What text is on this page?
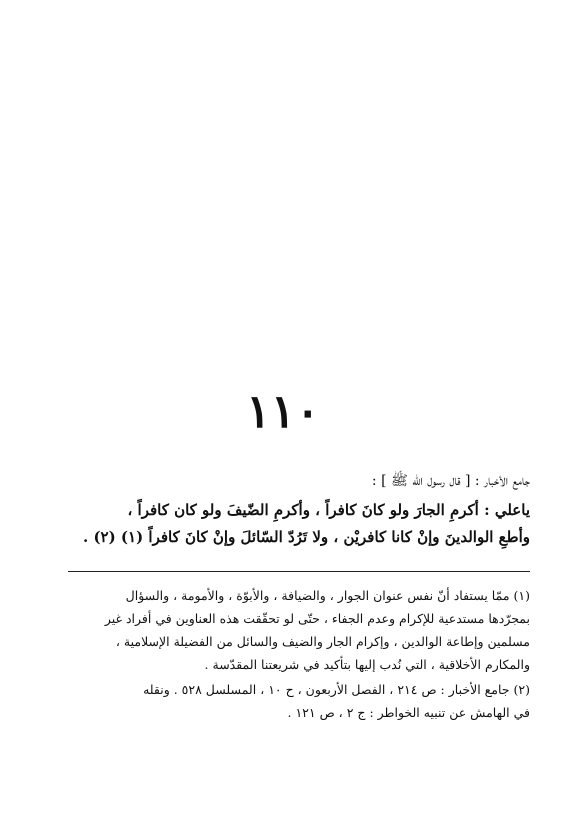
١١٠
جامع الأخبار : [ قال رسول الله ﷺ ] :
ياعلي : أكرمِ الجارَ ولو كانَ كافراً ، وأكرمِ الضّيفَ ولو كان كافراً ،
وأطعِ الوالدينَ وإنْ كانا كافريْن ، ولا تَرُدّ السّائلَ وإنْ كانَ كافراً (١) (٢) .
(١) ممّا يستفاد أنّ نفس عنوان الجوار ، والضيافة ، والأبوّة ، والأمومة ، والسؤال
بمجرّدها مستدعية للإكرام وعدم الجفاء ، حتّى لو تحقّقت هذه العناوين في أفراد غير
مسلمين وإطاعة الوالدين ، وإكرام الجار والضيف والسائل من الفضيلة الإسلامية ،
والمكارم الأخلاقية ، التي نُدب إليها بتأكيد في شريعتنا المقدّسة .
(٢) جامع الأخبار : ص ٢١٤ ، الفصل الأربعون ، ح ١٠ ، المسلسل ٥٢٨ . ونقله
في الهامش عن تنبيه الخواطر : ج ٢ ، ص ١٢١ .
